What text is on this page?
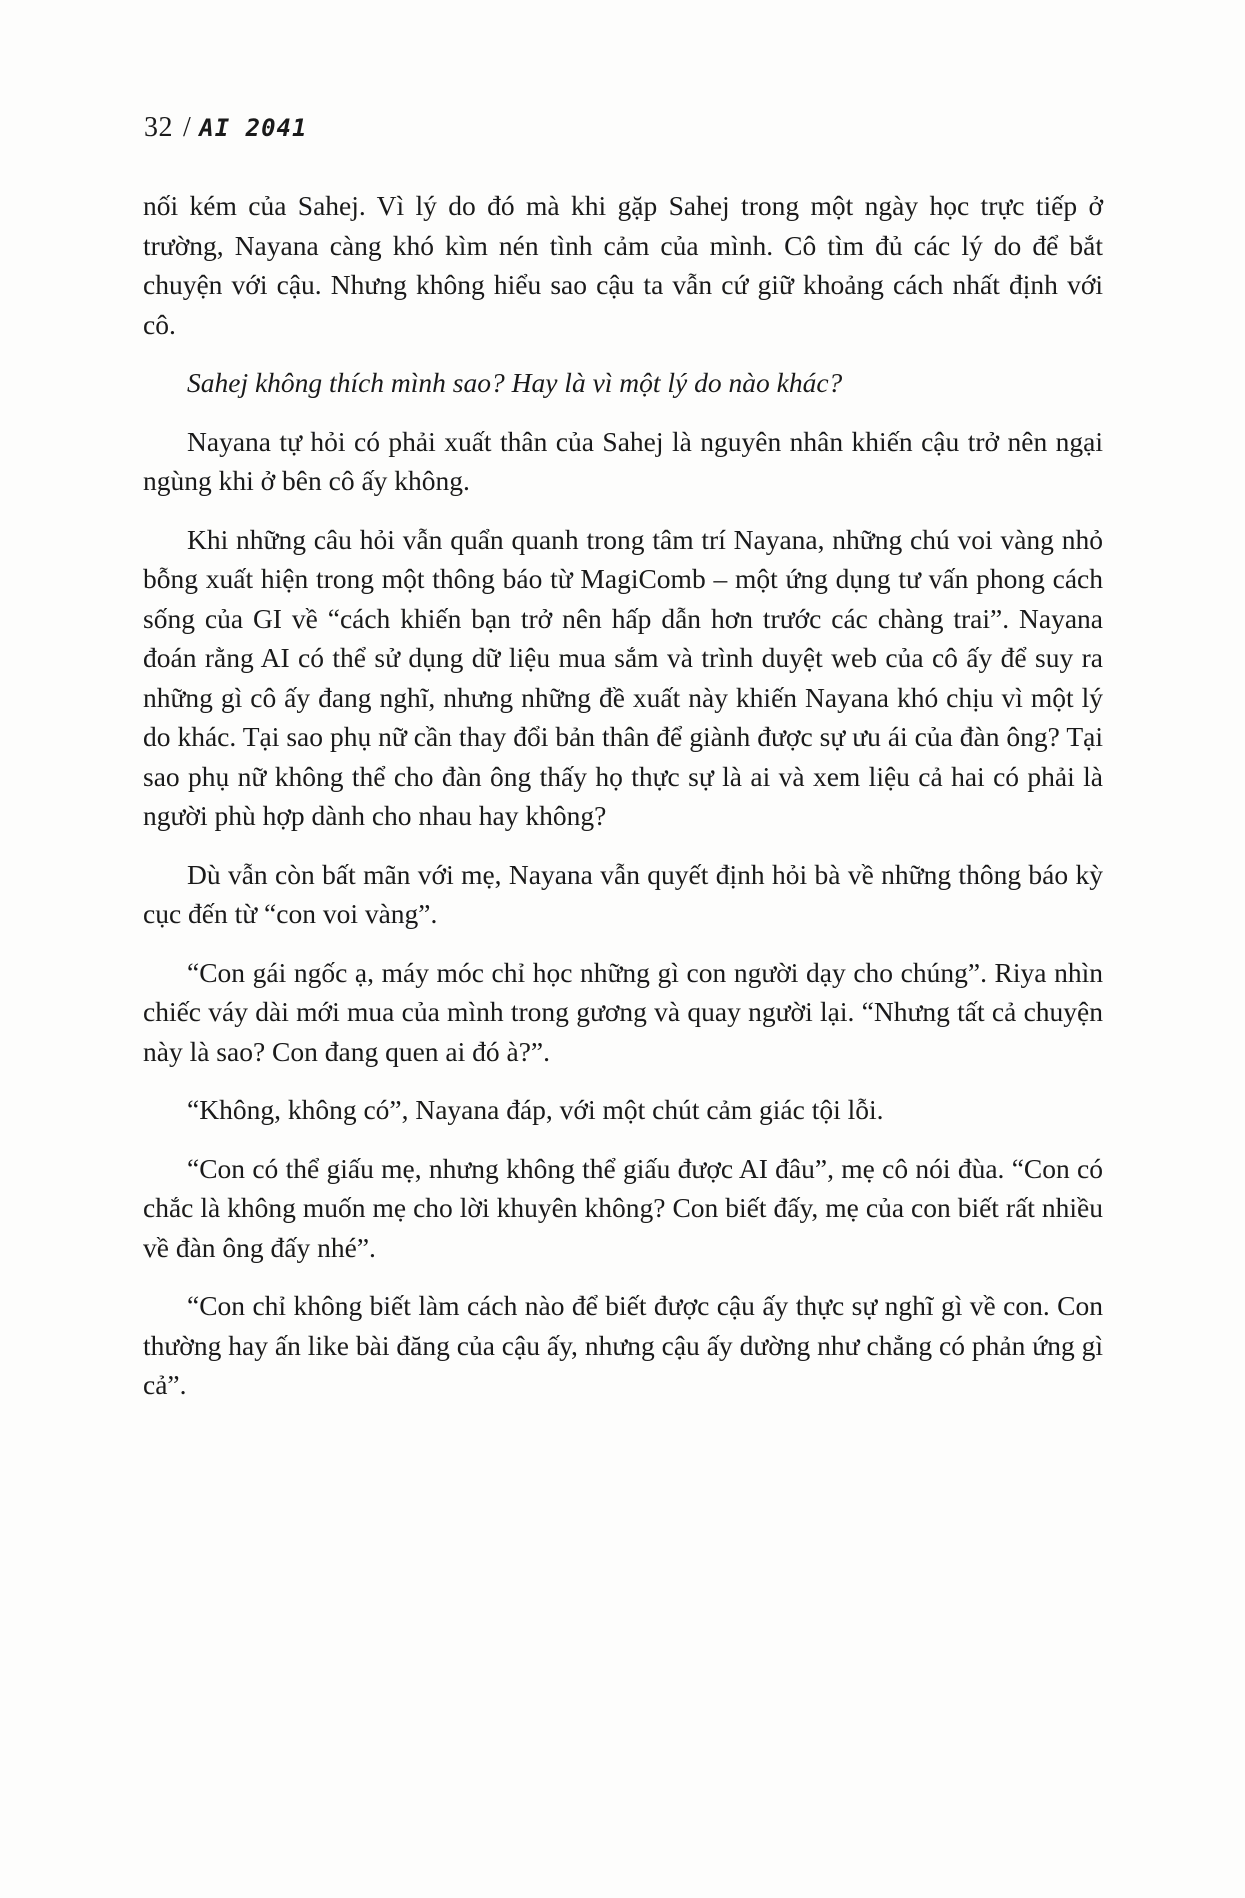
32 / AI 2041

nối kém của Sahej. Vì lý do đó mà khi gặp Sahej trong một ngày học trực tiếp ở trường, Nayana càng khó kìm nén tình cảm của mình. Cô tìm đủ các lý do để bắt chuyện với cậu. Nhưng không hiểu sao cậu ta vẫn cứ giữ khoảng cách nhất định với cô.

Sahej không thích mình sao? Hay là vì một lý do nào khác?

Nayana tự hỏi có phải xuất thân của Sahej là nguyên nhân khiến cậu trở nên ngại ngùng khi ở bên cô ấy không.

Khi những câu hỏi vẫn quẩn quanh trong tâm trí Nayana, những chú voi vàng nhỏ bỗng xuất hiện trong một thông báo từ MagiComb – một ứng dụng tư vấn phong cách sống của GI về “cách khiến bạn trở nên hấp dẫn hơn trước các chàng trai”. Nayana đoán rằng AI có thể sử dụng dữ liệu mua sắm và trình duyệt web của cô ấy để suy ra những gì cô ấy đang nghĩ, nhưng những đề xuất này khiến Nayana khó chịu vì một lý do khác. Tại sao phụ nữ cần thay đổi bản thân để giành được sự ưu ái của đàn ông? Tại sao phụ nữ không thể cho đàn ông thấy họ thực sự là ai và xem liệu cả hai có phải là người phù hợp dành cho nhau hay không?

Dù vẫn còn bất mãn với mẹ, Nayana vẫn quyết định hỏi bà về những thông báo kỳ cục đến từ “con voi vàng”.

“Con gái ngốc ạ, máy móc chỉ học những gì con người dạy cho chúng”. Riya nhìn chiếc váy dài mới mua của mình trong gương và quay người lại. “Nhưng tất cả chuyện này là sao? Con đang quen ai đó à?”.

“Không, không có”, Nayana đáp, với một chút cảm giác tội lỗi.

“Con có thể giấu mẹ, nhưng không thể giấu được AI đâu”, mẹ cô nói đùa. “Con có chắc là không muốn mẹ cho lời khuyên không? Con biết đấy, mẹ của con biết rất nhiều về đàn ông đấy nhé”.

“Con chỉ không biết làm cách nào để biết được cậu ấy thực sự nghĩ gì về con. Con thường hay ấn like bài đăng của cậu ấy, nhưng cậu ấy dường như chẳng có phản ứng gì cả”.
